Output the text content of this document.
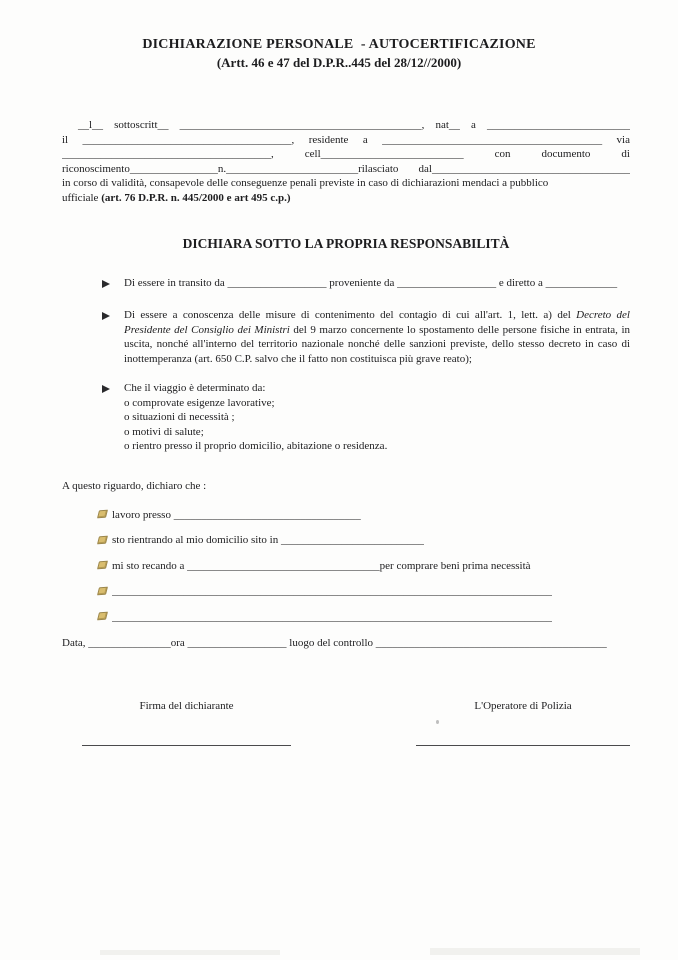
DICHIARAZIONE PERSONALE  - AUTOCERTIFICAZIONE
(Artt. 46 e 47 del D.P.R..445 del 28/12//2000)
__l__ sottoscritt__ ____________________________________________, nat__ a __________________________
il ______________________________________, residente a ________________________________________ via
______________________________________, cell__________________________ con documento di
riconoscimento________________n.________________________rilasciato dal____________________________________
in corso di validità, consapevole delle conseguenze penali previste in caso di dichiarazioni mendaci a pubblico
ufficiale (art. 76 D.P.R. n. 445/2000 e art 495 c.p.)
DICHIARA SOTTO LA PROPRIA RESPONSABILITÀ
Di essere in transito da __________________ proveniente da __________________ e diretto a _____________
Di essere a conoscenza delle misure di contenimento del contagio di cui all'art. 1, lett. a) del Decreto del Presidente del Consiglio dei Ministri del 9 marzo concernente lo spostamento delle persone fisiche in entrata, in uscita, nonché all'interno del territorio nazionale nonché delle sanzioni previste, dello stesso decreto in caso di inottemperanza (art. 650 C.P. salvo che il fatto non costituisca più grave reato);
Che il viaggio è determinato da:
o comprovate esigenze lavorative;
o situazioni di necessità ;
o motivi di salute;
o rientro presso il proprio domicilio, abitazione o residenza.
A questo riguardo, dichiaro che :
lavoro presso __________________________________
sto rientrando al mio domicilio sito in __________________________
mi sto recando a ___________________________________per comprare beni prima necessità
________________________________________________________________________________
________________________________________________________________________________
Data, _______________ora __________________ luogo del controllo __________________________________________
Firma del dichiarante	L'Operatore di Polizia
